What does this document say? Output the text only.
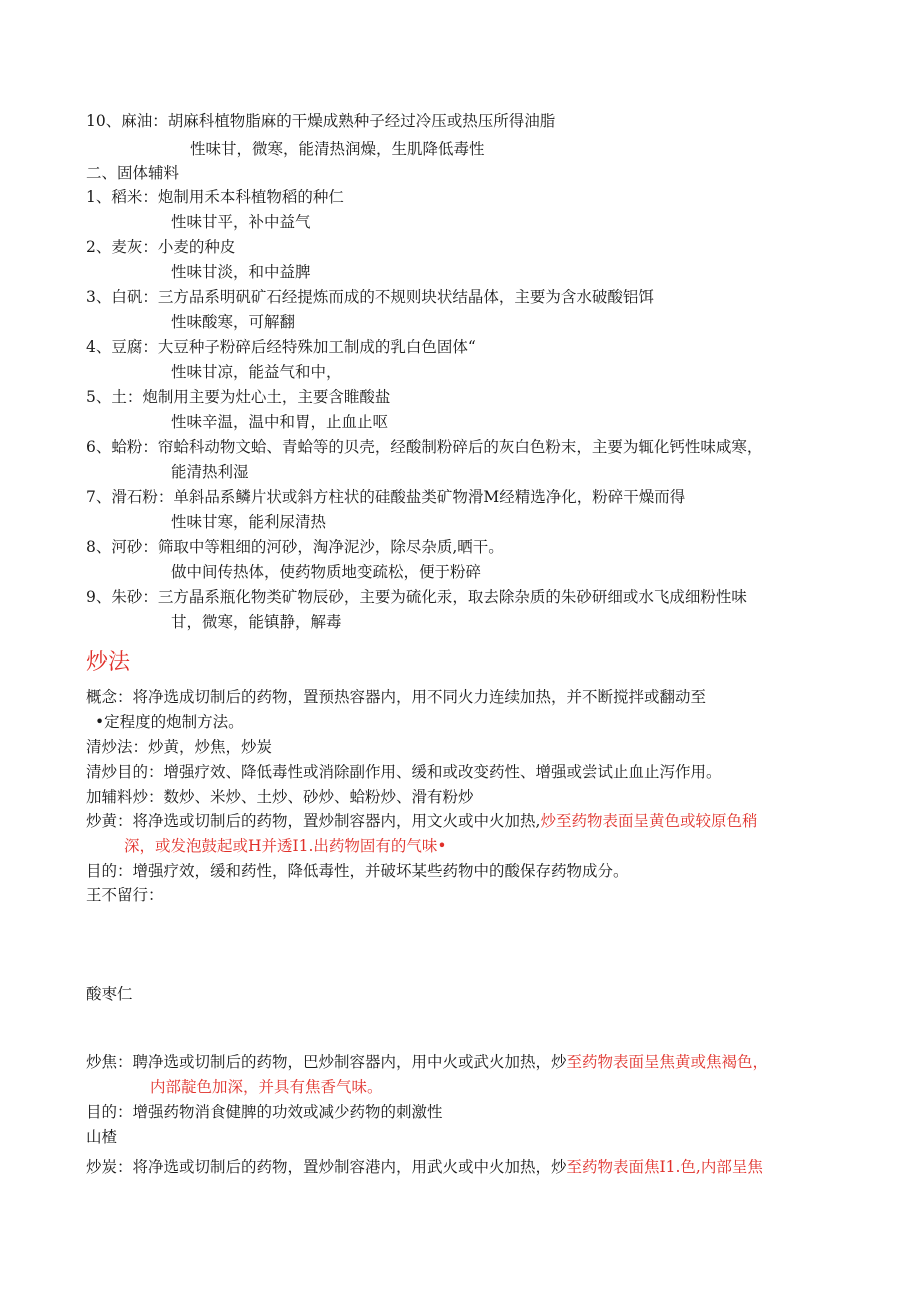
10、麻油：胡麻科植物脂麻的干燥成熟种子经过冷压或热压所得油脂
性味甘，微寒，能清热润燥，生肌降低毒性
二、固体辅料
1、稻米：炮制用禾本科植物稻的种仁
性味甘平，补中益气
2、麦灰：小麦的种皮
性味甘淡，和中益脾
3、白矾：三方品系明矾矿石经提炼而成的不规则块状结晶体，主要为含水破酸铝饵
性味酸寒，可解翻
4、豆腐：大豆种子粉碎后经特殊加工制成的乳白色固体“
性味甘凉，能益气和中，
5、土：炮制用主要为灶心土，主要含睢酸盐
性味辛温，温中和胃，止血止呕
6、蛤粉：帘蛤科动物文蛤、青蛤等的贝壳，经酸制粉碎后的灰白色粉末，主要为辄化钙性味咸寒，
能清热利湿
7、滑石粉：单斜品系鳞片状或斜方柱状的硅酸盐类矿物滑M经精选净化，粉碎干燥而得
性味甘寒，能利尿清热
8、河砂：筛取中等粗细的河砂，淘净泥沙，除尽杂质,晒干。
做中间传热体，使药物质地变疏松，便于粉碎
9、朱砂：三方晶系瓶化物类矿物辰砂，主要为硫化汞，取去除杂质的朱砂研细或水飞成细粉性味
甘，微寒，能镇静，解毒
炒法
概念：将净选成切制后的药物，置预热容器内，用不同火力连续加热，并不断搅拌或翻动至
•定程度的炮制方法。
清炒法：炒黄，炒焦，炒炭
清炒目的：增强疗效、降低毒性或消除副作用、缓和或改变药性、增强或尝试止血止泻作用。
加辅料炒：数炒、米炒、土炒、砂炒、蛤粉炒、滑有粉炒
炒黄：将净选或切制后的药物，置炒制容器内，用文火或中火加热,炒至药物表面呈黄色或较原色稍
深，或发泡鼓起或H并透I1.出药物固有的气味•
目的：增强疗效，缓和药性，降低毒性，并破坏某些药物中的酸保存药物成分。
王不留行：
酸枣仁
炒焦：聘净选或切制后的药物，巴炒制容器内，用中火或武火加热，炒至药物表面呈焦黄或焦褐色，
内部靛色加深，并具有焦香气味。
目的：增强药物消食健脾的功效或减少药物的刺激性
山楂
炒炭：将净选或切制后的药物，置炒制容港内，用武火或中火加热，炒至药物表面焦I1.色,内部呈焦
